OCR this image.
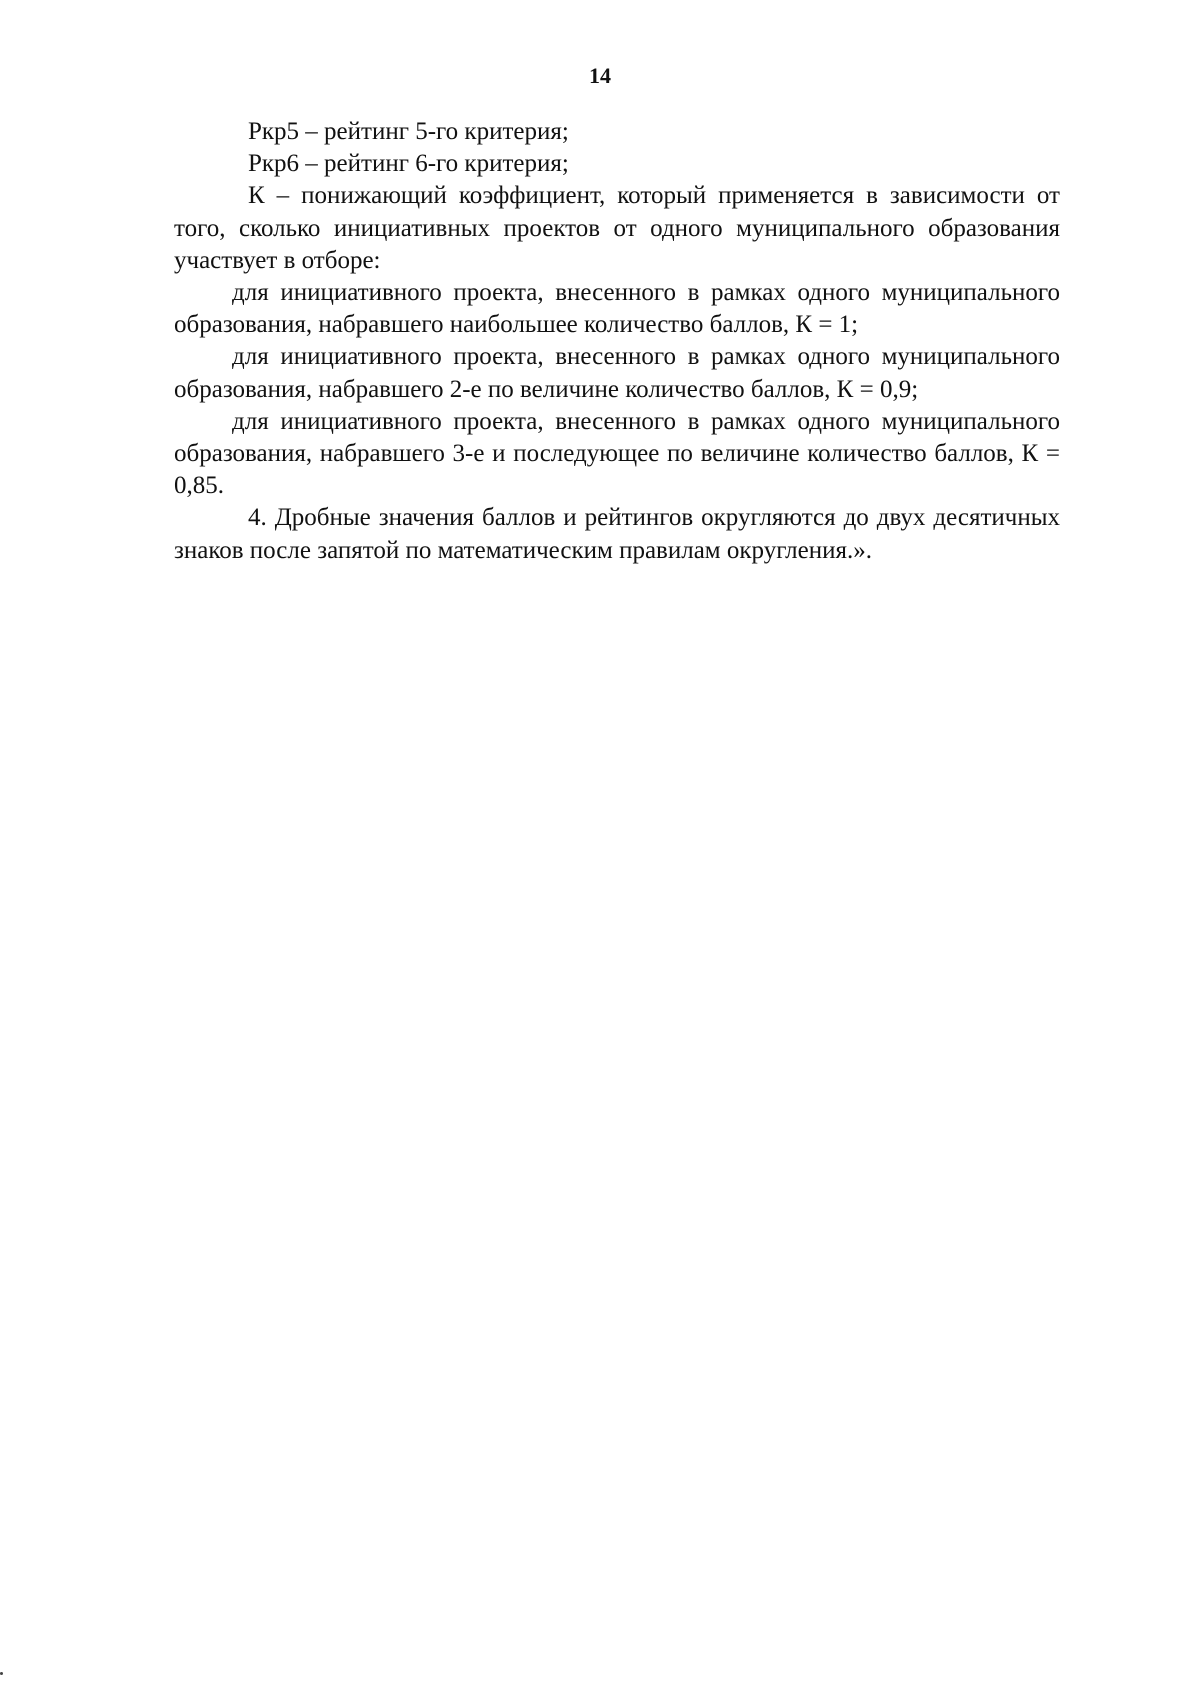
14

Ркр5 – рейтинг 5-го критерия;

Ркр6 – рейтинг 6-го критерия;

К – понижающий коэффициент, который применяется в зависимости от того, сколько инициативных проектов от одного муниципального образования участвует в отборе:

для инициативного проекта, внесенного в рамках одного муниципального образования, набравшего наибольшее количество баллов, К = 1;

для инициативного проекта, внесенного в рамках одного муниципального образования, набравшего 2-е по величине количество баллов, К = 0,9;

для инициативного проекта, внесенного в рамках одного муниципального образования, набравшего 3-е и последующее по величине количество баллов, К = 0,85.

4. Дробные значения баллов и рейтингов округляются до двух десятичных знаков после запятой по математическим правилам округления.».
